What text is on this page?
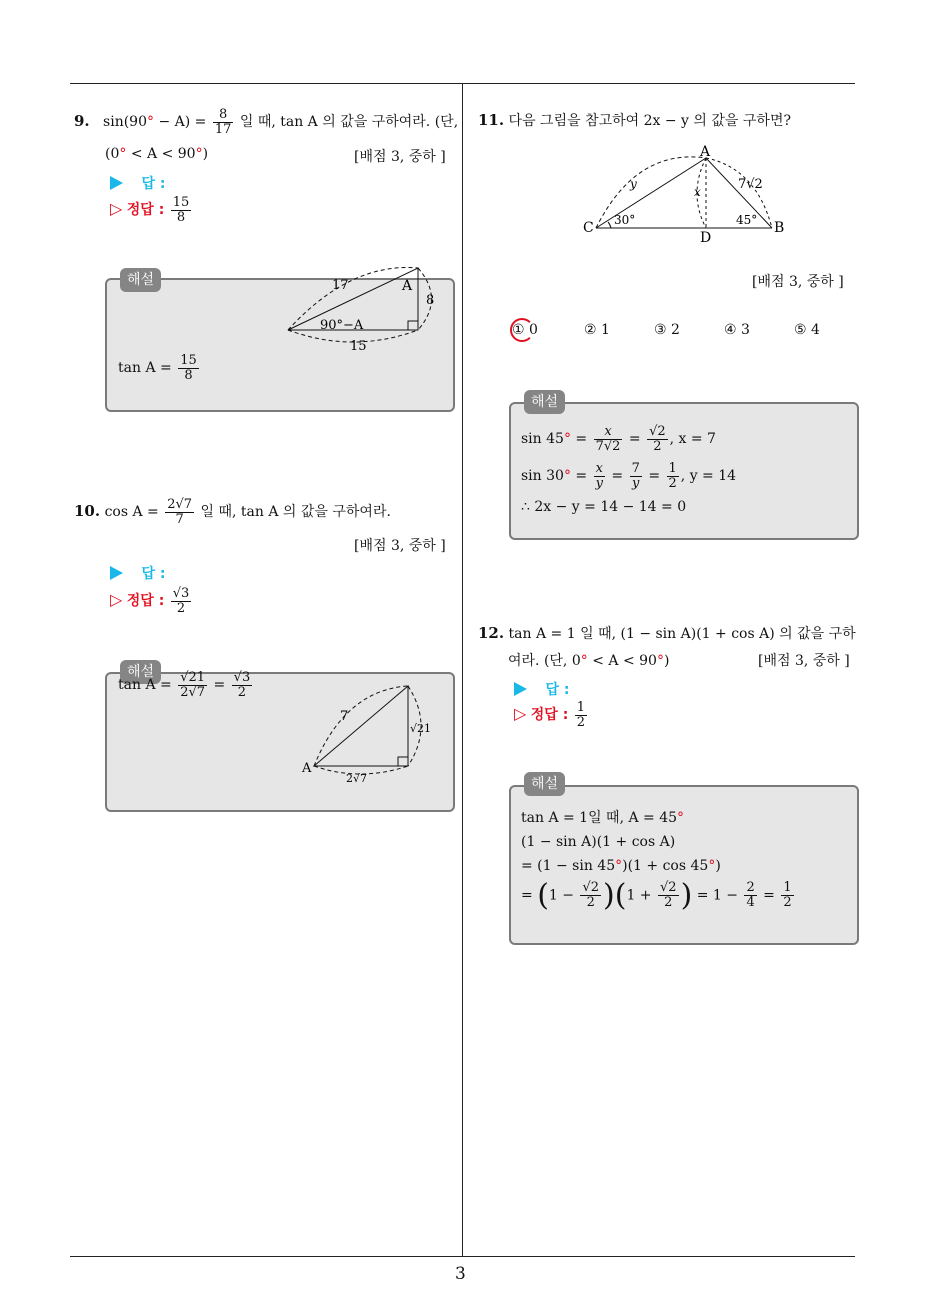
3
9. $\sin(90^\circ - A) = \frac{8}{17}$ 일 때, tan A 의 값을 구하여라. (단,
(0° < A < 90°)	[배점 3, 중하 ]
답 :
▷ 정답 : $\frac{15}{8}$
해설	17	A
8
90°−A
15
$\tan A = \frac{15}{8}$
10. $\cos A = \frac{2√7}{7}$ 일 때, tan A 의 값을 구하여라.
[배점 3, 중하 ]
답 :
▷ 정답 : $\frac{√3}{2}$
해설
$\tan A = \frac{√21}{2√7} = \frac{√3}{2}$
7
√21
A
2√7
11. 다음 그림을 참고하여 2x − y 의 값을 구하면?
A
C	B
D
y
x	7√2
30°	45°
[배점 3, 중하 ]
① 0	② 1	③ 2	④ 3	⑤ 4
해설
$\sin 45^\circ = \frac{x}{7√2} = \frac{√2}{2}$ , x = 7
$\sin 30^\circ = \frac{x}{y} = \frac{7}{y} = \frac{1}{2}$ , y = 14
∴ 2x − y = 14 − 14 = 0
12. tan A = 1 일 때, (1 − sin A)(1 + cos A) 의 값을 구하
여라. (단, 0° < A < 90°)	[배점 3, 중하 ]
답 :
▷ 정답 : $\frac{1}{2}$
해설
tan A = 1일 때, A = 45°
(1 − sin A)(1 + cos A)
= (1 − sin 45°)(1 + cos 45°)
= $(1 - \frac{√2}{2} )(1 + \frac{√2}{2}$ ) = $1 - \frac{2}{4} = \frac{1}{2}$
